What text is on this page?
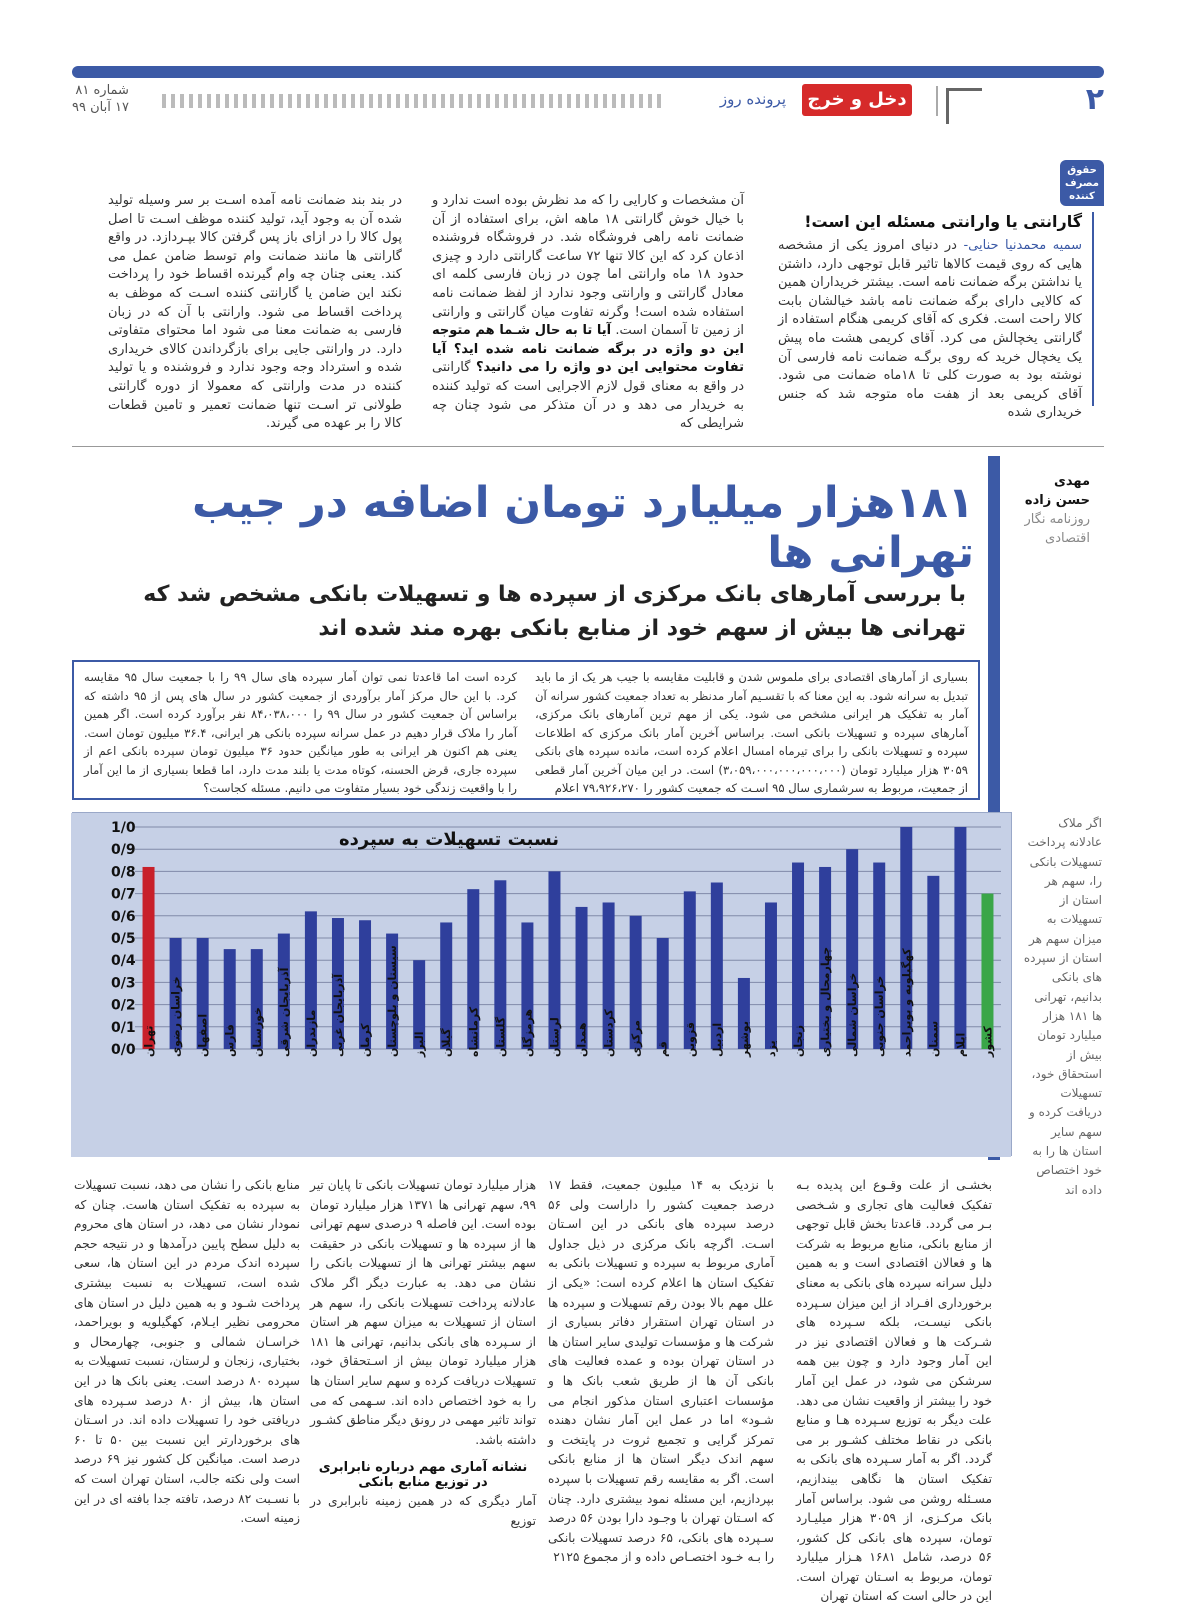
۲
دخل و خرج
پرونده روز
شماره ۸۱
۱۷ آبان ۹۹
حقوق مصرف کننده
گارانتی یا وارانتی مسئله این است!
سمیه محمدنیا حنایی- در دنیای امروز یکی از مشخصه هایی که روی قیمت کالاها تاثیر قابل توجهی دارد، داشتن یا نداشتن برگه ضمانت نامه است. بیشتر خریداران همین که کالایی دارای برگه ضمانت نامه باشد خیالشان بابت کالا راحت است. فکری که آقای کریمی هنگام استفاده از گارانتی یخچالش می کرد. آقای کریمی هشت ماه پیش یک یخچال خرید که روی برگـه ضمانت نامه فارسی آن نوشته بود به صورت کلی تا ۱۸ماه ضمانت می شود. آقای کریمی بعد از هفت ماه متوجه شد که جنس خریداری شده
آن مشخصات و کارایی را که مد نظرش بوده است ندارد و با خیال خوش گارانتی ۱۸ ماهه اش، برای استفاده از آن ضمانت نامه راهی فروشگاه شد. در فروشگاه فروشنده اذعان کرد که این کالا تنها ۷۲ ساعت گارانتی دارد و چیزی حدود ۱۸ ماه وارانتی اما چون در زبان فارسی کلمه ای معادل گارانتی و وارانتی وجود ندارد از لفظ ضمانت نامه استفاده شده است! وگرنه تفاوت میان گارانتی و وارانتی از زمین تا آسمان است. آیا تا به حال شـما هم متوجه این دو واژه در برگه ضمانت نامه شده اید؟ آیا تفاوت محتوایی این دو واژه را می دانید؟ گارانتی در واقع به معنای قول لازم الاجرایی است که تولید کننده به خریدار می دهد و در آن متذکر می شود چنان چه شرایطی که
در بند بند ضمانت نامه آمده اسـت بر سر وسیله تولید شده آن به وجود آید، تولید کننده موظف اسـت تا اصل پول کالا را در ازای باز پس گرفتن کالا بپـردازد. در واقع گارانتی ها مانند ضمانت وام توسط ضامن عمل می کند. یعنی چنان چه وام گیرنده اقساط خود را پرداخت نکند این ضامن یا گارانتی کننده اسـت که موظف به پرداخت اقساط می شود. وارانتی با آن که در زبان فارسی به ضمانت معنا می شود اما محتوای متفاوتی دارد. در وارانتی جایی برای بازگرداندن کالای خریداری شده و استرداد وجه وجود ندارد و فروشنده و یا تولید کننده در مدت وارانتی که معمولا از دوره گارانتی طولانی تر اسـت تنها ضمانت تعمیر و تامین قطعات کالا را بر عهده می گیرند.
مهدی
حسن زاده
روزنامه نگار اقتصادی
۱۸۱هزار میلیارد تومان اضافه در جیب تهرانی ها
با بررسی آمارهای بانک مرکزی از سپرده ها و تسهیلات بانکی مشخص شد که تهرانی ها بیش از سهم خود از منابع بانکی بهره مند شده اند

بسیاری از آمارهای اقتصادی برای ملموس شدن و قابلیت مقایسه با جیب هر یک از ما باید تبدیل به سرانه شود. به این معنا که با تقسـیم آمار مدنظر به تعداد جمعیت کشور سرانه آن آمار به تفکیک هر ایرانی مشخص می شود. یکی از مهم ترین آمارهای بانک مرکزی، آمارهای سپرده و تسهیلات بانکی است. براساس آخرین آمار بانک مرکزی که اطلاعات سپرده و تسهیلات بانکی را برای تیرماه امسال اعلام کرده است، مانده سپرده های بانکی ۳۰۵۹ هزار میلیارد تومان (۳،۰۵۹،۰۰۰،۰۰۰،۰۰۰،۰۰۰) است. در این میان آخرین آمار قطعی از جمعیت، مربوط به سرشماری سال ۹۵ اسـت که جمعیت کشور را ۷۹،۹۲۶،۲۷۰ اعلام

کرده است اما قاعدتا نمی توان آمار سپرده های سال ۹۹ را با جمعیت سال ۹۵ مقایسه کرد. با این حال مرکز آمار برآوردی از جمعیت کشور در سال های پس از ۹۵ داشته که براساس آن جمعیت کشور در سال ۹۹ را ۸۴،۰۳۸،۰۰۰ نفر برآورد کرده است. اگر همین آمار را ملاک قرار دهیم در عمل سرانه سپرده بانکی هر ایرانی، ۳۶.۴ میلیون تومان است. یعنی هم اکنون هر ایرانی به طور میانگین حدود ۳۶ میلیون تومان سپرده بانکی اعم از سپرده جاری، قرض الحسنه، کوتاه مدت یا بلند مدت دارد، اما قطعا بسیاری از ما این آمار را با واقعیت زندگی خود بسیار متفاوت می دانیم. مسئله کجاست؟

0/0
0/1
0/2
0/3
0/4
0/5
0/6
0/7
0/8
0/9
1/0
تهران خراسان رضوی اصفهان فارس خوزستان آذربایجان شرقی مازندران آذربایجان غربی کرمان سیستان و بلوچستان البرز گیلان کرمانشاه گلستان هرمزگان لرستان همدان کردستان مرکزی قم قزوین اردبیل بوشهر یزد زنجان چهارمحال و بختیاری خراسان شمالی خراسان جنوبی کهگیلویه و بویراحمد سمنان ایلام کشور
نسبت تسهیلات به سپرده
اگر ملاک عادلانه پرداخت تسهیلات بانکی را، سهم هر استان از تسهیلات به میزان سهم هر استان از سپرده های بانکی بدانیم، تهرانی ها ۱۸۱ هزار میلیارد تومان بیش از استحقاق خود، تسهیلات دریافت کرده و سهم سایر استان ها را به خود اختصاص داده اند
بخشـی از علت وقـوع این پدیده بـه تفکیک فعالیت های تجاری و شـخصی بـر می گردد. قاعدتا بخش قابل توجهی از منابع بانکی، منابع مربوط به شرکت ها و فعالان اقتصادی است و به همین دلیل سرانه سپرده های بانکی به معنای برخورداری افـراد از این میزان سـپرده بانکی نیسـت، بلکه سـپرده های شـرکت ها و فعالان اقتصادی نیز در این آمار وجود دارد و چون بین همه سرشکن می شود، در عمل این آمار خود را بیشتر از واقعیت نشان می دهد. علت دیگر به توزیع سـپرده هـا و منابع بانکی در نقاط مختلف کشـور بر می گردد. اگر به آمار سـپرده های بانکی به تفکیک استان ها نگاهی بیندازیم، مسـئله روشن می شود. براساس آمار بانک مرکـزی، از ۳۰۵۹ هزار میلیـارد تومان، سپرده های بانکی کل کشور، ۵۶ درصد، شامل ۱۶۸۱ هـزار میلیارد تومان، مربوط به اسـتان تهران است. این در حالی است که استان تهران
با نزدیک به ۱۴ میلیون جمعیت، فقط ۱۷ درصد جمعیت کشور را داراست ولی ۵۶ درصد سپرده های بانکی در این اسـتان اسـت. اگرچه بانک مرکزی در ذیل جداول آماری مربوط به سپرده و تسهیلات بانکی به تفکیک استان ها اعلام کرده است: «یکی از علل مهم بالا بودن رقم تسهیلات و سپرده ها در استان تهران استقرار دفاتر بسیاری از شرکت ها و مؤسسات تولیدی سایر استان ها در استان تهران بوده و عمده فعالیت های بانکی آن ها از طریق شعب بانک ها و مؤسسات اعتباری استان مذکور انجام می شـود» اما در عمل این آمار نشان دهنده تمرکز گرایی و تجمیع ثروت در پایتخت و سهم اندک دیگر استان ها از منابع بانکی است. اگر به مقایسه رقم تسهیلات با سپرده بپردازیم، این مسئله نمود بیشتری دارد. چنان که اسـتان تهران با وجـود دارا بودن ۵۶ درصد سـپرده های بانکی، ۶۵ درصد تسهیلات بانکی را بـه خـود اختصـاص داده و از مجموع ۲۱۲۵
هزار میلیارد تومان تسهیلات بانکی تا پایان تیر ۹۹، سهم تهرانی ها ۱۳۷۱ هزار میلیارد تومان بوده است. این فاصله ۹ درصدی سهم تهرانی ها از سپرده ها و تسهیلات بانکی در حقیقت سهم بیشتر تهرانی ها از تسهیلات بانکی را نشان می دهد. به عبارت دیگر اگر ملاک عادلانه پرداخت تسهیلات بانکی را، سهم هر استان از تسهیلات به میزان سهم هر استان از سـپرده های بانکی بدانیم، تهرانی ها ۱۸۱ هزار میلیارد تومان بیش از اسـتحقاق خود، تسهیلات دریافت کرده و سهم سایر استان ها را به خود اختصاص داده اند. سـهمی که می تواند تاثیر مهمی در رونق دیگر مناطق کشـور داشته باشد.
نشانه آماری مهم درباره نابرابری در توزیع منابع بانکی
آمار دیگری که در همین زمینه نابرابری در توزیع
منابع بانکی را نشان می دهد، نسبت تسهیلات به سپرده به تفکیک استان هاست. چنان که نمودار نشان می دهد، در استان های محروم به دلیل سطح پایین درآمدها و در نتیجه حجم سپرده اندک مردم در این استان ها، سعی شده است، تسهیلات به نسبت بیشتری پرداخت شـود و به همین دلیل در استان های محرومی نظیر ایـلام، کهگیلویه و بویراحمد، خراسـان شمالی و جنوبی، چهارمحال و بختیاری، زنجان و لرستان، نسبت تسهیلات به سپرده ۸۰ درصد است. یعنی بانک ها در این استان ها، بیش از ۸۰ درصد سـپرده های دریافتی خود را تسهیلات داده اند. در اسـتان های برخوردارتر این نسبت بین ۵۰ تا ۶۰ درصد است. میانگین کل کشور نیز ۶۹ درصد است ولی نکته جالب، استان تهران است که با نسـبت ۸۲ درصد، تافته جدا بافته ای در این زمینه است.
